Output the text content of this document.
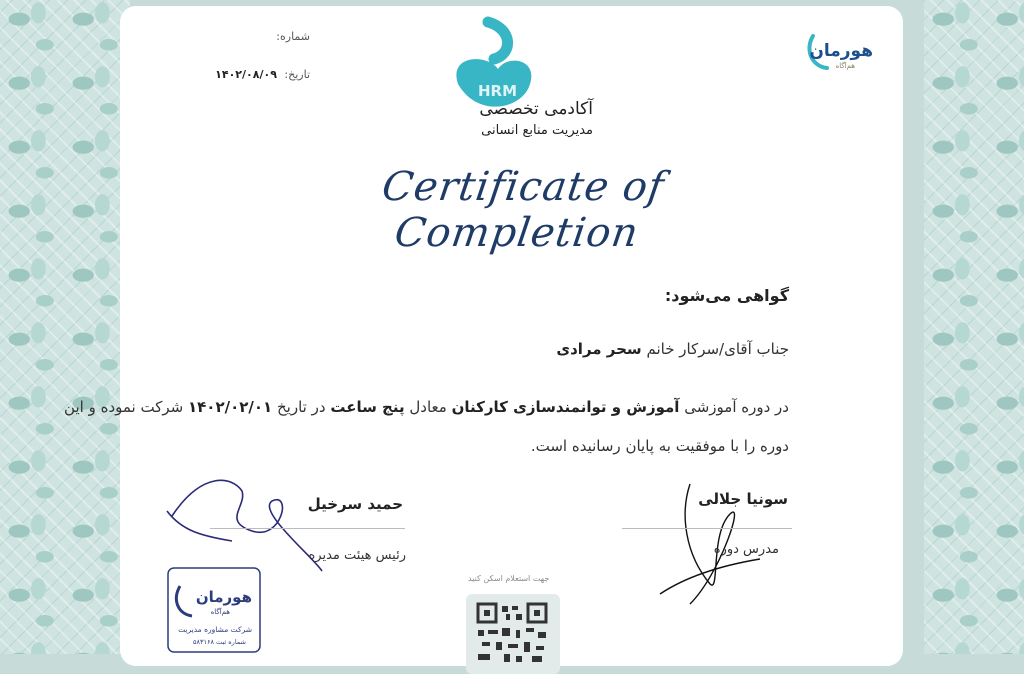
شماره:
تاریخ: ۱۴۰۲/۰۸/۰۹
HRM
آکادمی تخصصی
مدیریت منابع انسانی
هورمان
هم‌آگاه
Certificate of Completion
گواهی می‌شود:
جناب آقای/سرکار خانم سحر مرادی
در دوره آموزشی آموزش و توانمندسازی کارکنان معادل پنج ساعت در تاریخ ۱۴۰۲/۰۲/۰۱ شرکت نموده و این
دوره را با موفقیت به پایان رسانیده است.
سونیا جلالی
مدرس دوره
حمید سرخیل
رئیس هیئت مدیره
هورمان
هم‌آگاه
شرکت مشاوره مدیریت
شماره ثبت ۵۸۳۱۶۸
جهت استعلام اسکن کنید
